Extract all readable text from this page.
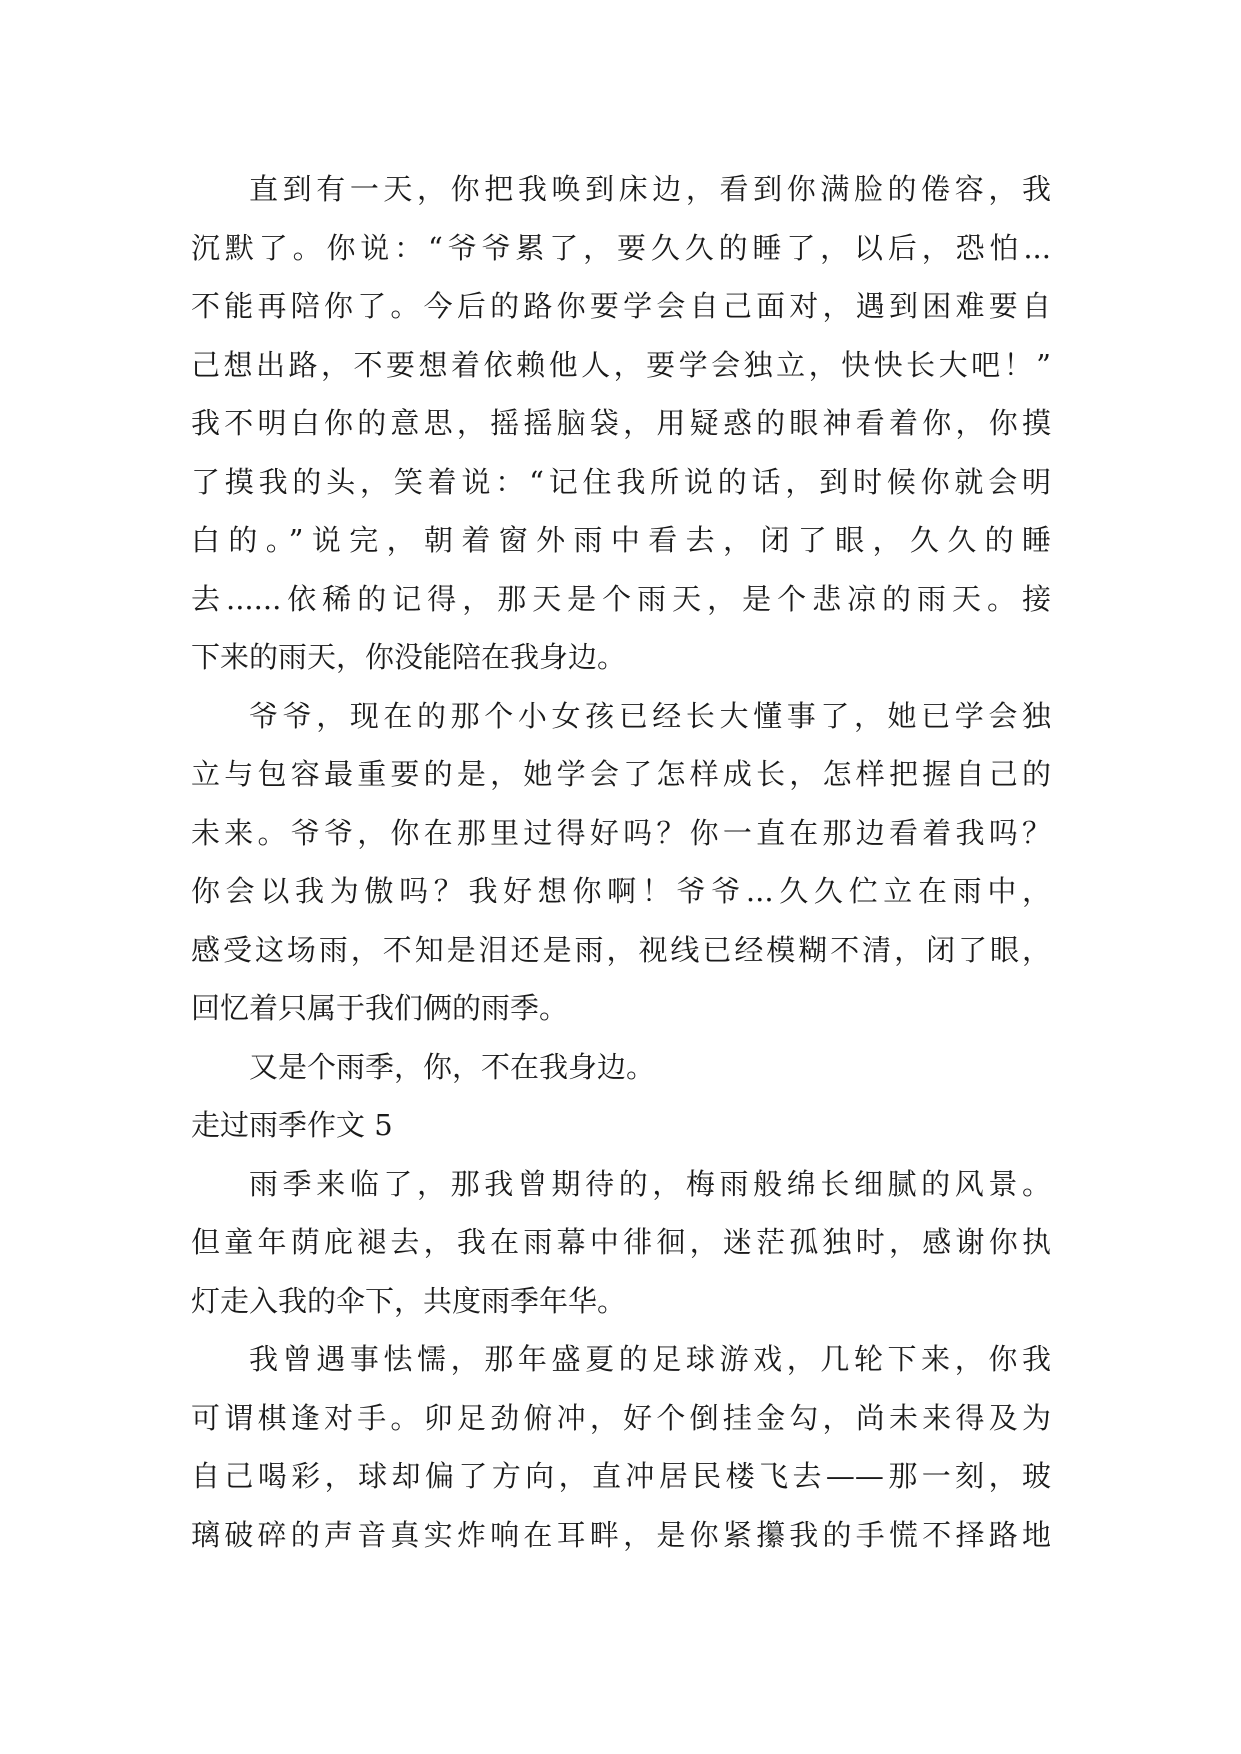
直到有一天，你把我唤到床边，看到你满脸的倦容，我
沉默了。你说：“爷爷累了，要久久的睡了，以后，恐怕...
不能再陪你了。今后的路你要学会自己面对，遇到困难要自
己想出路，不要想着依赖他人，要学会独立，快快长大吧！”
我不明白你的意思，摇摇脑袋，用疑惑的眼神看着你，你摸
了摸我的头，笑着说：“记住我所说的话，到时候你就会明
白的。”说完，朝着窗外雨中看去，闭了眼，久久的睡
去......依稀的记得，那天是个雨天，是个悲凉的雨天。接
下来的雨天，你没能陪在我身边。
爷爷，现在的那个小女孩已经长大懂事了，她已学会独
立与包容最重要的是，她学会了怎样成长，怎样把握自己的
未来。爷爷，你在那里过得好吗？你一直在那边看着我吗？
你会以我为傲吗？我好想你啊！爷爷...久久伫立在雨中，
感受这场雨，不知是泪还是雨，视线已经模糊不清，闭了眼，
回忆着只属于我们俩的雨季。
又是个雨季，你，不在我身边。
走过雨季作文 5
雨季来临了，那我曾期待的，梅雨般绵长细腻的风景。
但童年荫庇褪去，我在雨幕中徘徊，迷茫孤独时，感谢你执
灯走入我的伞下，共度雨季年华。
我曾遇事怯懦，那年盛夏的足球游戏，几轮下来，你我
可谓棋逢对手。卯足劲俯冲，好个倒挂金勾，尚未来得及为
自己喝彩，球却偏了方向，直冲居民楼飞去——那一刻，玻
璃破碎的声音真实炸响在耳畔，是你紧攥我的手慌不择路地
